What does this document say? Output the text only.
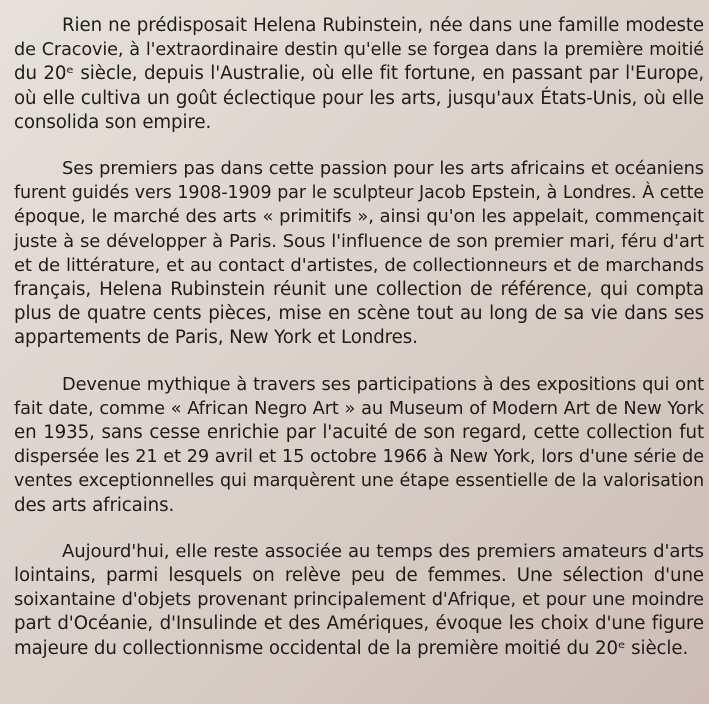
Rien ne prédisposait Helena Rubinstein, née dans une famille modeste
de Cracovie, à l'extraordinaire destin qu'elle se forgea dans la première moitié
du 20ᵉ siècle, depuis l'Australie, où elle fit fortune, en passant par l'Europe,
où elle cultiva un goût éclectique pour les arts, jusqu'aux États-Unis, où elle
consolida son empire.

Ses premiers pas dans cette passion pour les arts africains et océaniens
furent guidés vers 1908-1909 par le sculpteur Jacob Epstein, à Londres. À cette
époque, le marché des arts « primitifs », ainsi qu'on les appelait, commençait
juste à se développer à Paris. Sous l'influence de son premier mari, féru d'art
et de littérature, et au contact d'artistes, de collectionneurs et de marchands
français, Helena Rubinstein réunit une collection de référence, qui compta
plus de quatre cents pièces, mise en scène tout au long de sa vie dans ses
appartements de Paris, New York et Londres.

Devenue mythique à travers ses participations à des expositions qui ont
fait date, comme « African Negro Art » au Museum of Modern Art de New York
en 1935, sans cesse enrichie par l'acuité de son regard, cette collection fut
dispersée les 21 et 29 avril et 15 octobre 1966 à New York, lors d'une série de
ventes exceptionnelles qui marquèrent une étape essentielle de la valorisation
des arts africains.

Aujourd'hui, elle reste associée au temps des premiers amateurs d'arts
lointains, parmi lesquels on relève peu de femmes. Une sélection d'une
soixantaine d'objets provenant principalement d'Afrique, et pour une moindre
part d'Océanie, d'Insulinde et des Amériques, évoque les choix d'une figure
majeure du collectionnisme occidental de la première moitié du 20ᵉ siècle.
